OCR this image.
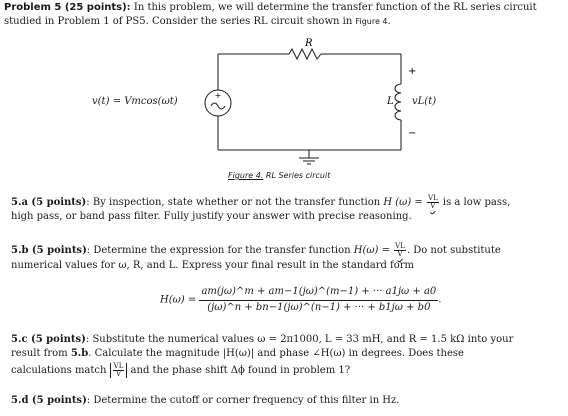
Problem 5 (25 points): In this problem, we will determine the transfer function of the RL series circuit
studied in Problem 1 of PS5. Consider the series RL circuit shown in Figure 4.
+
R
L
+
−
v(t) = Vmcos(ωt)	vL(t)
Figure 4. RL Series circuit
5.a (5 points): By inspection, state whether or not the transfer function H $(\omega) = \frac{VL}{V}$ is a low pass,
high pass, or band pass filter. Fully justify your answer with precise reasoning.
5.b (5 points): Determine the expression for the transfer function $H(\omega) = \frac{VL}{V}$ . Do not substitute
numerical values for ω, R, and L. Express your final result in the standard form
$H(\omega) = \frac{am(j\omega)\^{}m + am-1(j\omega)\^{}(m-1) + \cdot\cdot\cdot a1j\omega + a0}{(j\omega)\^{}n + bn-1(j\omega)\^{}(n-1) + \cdot\cdot\cdot + b1j\omega + b0}$ .
5.c (5 points): Substitute the numerical values ω = 2π1000, L = 33 mH, and R = 1.5 kΩ into your
result from 5.b. Calculate the magnitude |H(ω)| and phase ∠H(ω) in degrees. Does these
calculations match $\frac{VL}{V}$ and the phase shift Δϕ found in problem 1?
5.d (5 points): Determine the cutoff or corner frequency of this filter in Hz.
